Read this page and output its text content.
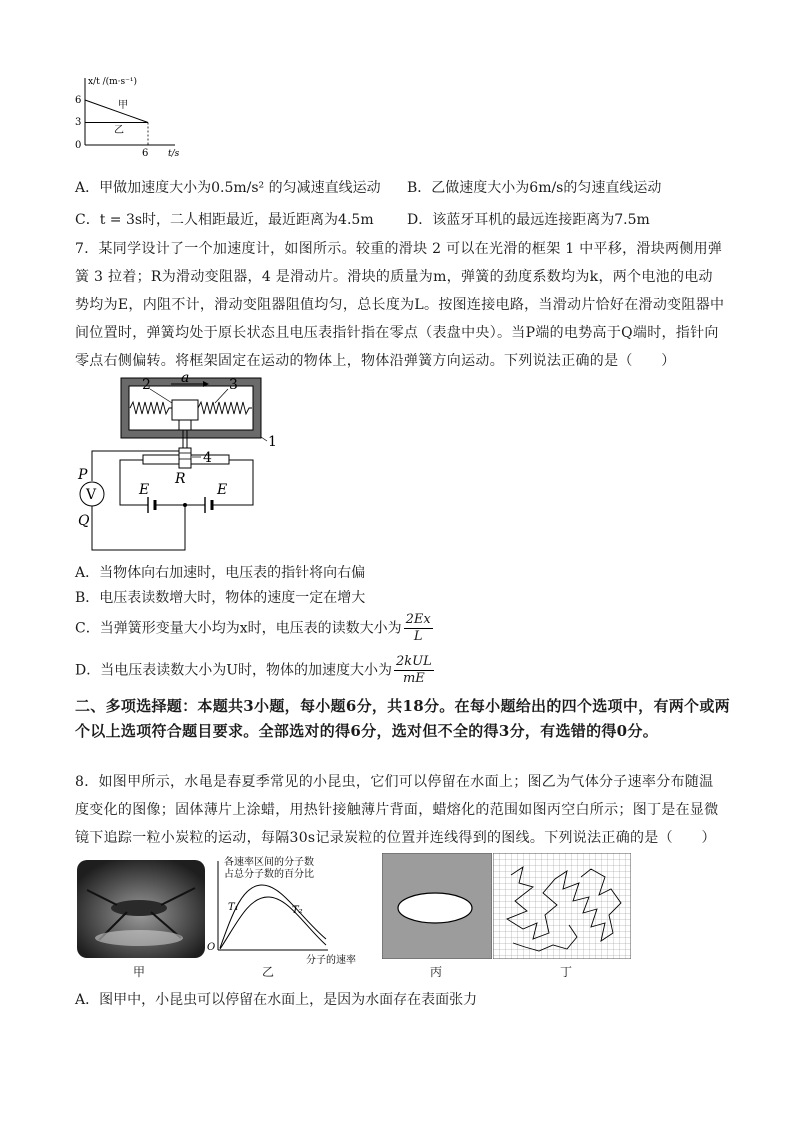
x/t /(m·s⁻¹)
6
3
0
6 t/s
甲
乙
A．甲做加速度大小为0.5m/s² 的匀减速直线运动 B．乙做速度大小为6m/s的匀速直线运动
C．t = 3s时，二人相距最近，最近距离为4.5m D．该蓝牙耳机的最远连接距离为7.5m
7．某同学设计了一个加速度计，如图所示。较重的滑块 2 可以在光滑的框架 1 中平移，滑块两侧用弹簧 3 拉着；R为滑动变阻器，4 是滑动片。滑块的质量为m，弹簧的劲度系数均为k，两个电池的电动势均为E，内阻不计，滑动变阻器阻值均匀，总长度为L。按图连接电路，当滑动片恰好在滑动变阻器中间位置时，弹簧均处于原长状态且电压表指针指在零点（表盘中央）。当P端的电势高于Q端时，指针向零点右侧偏转。将框架固定在运动的物体上，物体沿弹簧方向运动。下列说法正确的是（　　）
a
2	3
1
4
R
V
P
Q
E	E
A．当物体向右加速时，电压表的指针将向右偏
B．电压表读数增大时，物体的速度一定在增大
C．当弹簧形变量大小均为x时，电压表的读数大小为 $\frac{2Ex}{L}$
D．当电压表读数大小为U时，物体的加速度大小为 $\frac{\text{2kUL}}{mE}$
二、多项选择题：本题共3小题，每小题6分，共18分。在每小题给出的四个选项中，有两个或两个以上选项符合题目要求。全部选对的得6分，选对但不全的得3分，有选错的得0分。
8．如图甲所示，水黾是春夏季常见的小昆虫，它们可以停留在水面上；图乙为气体分子速率分布随温度变化的图像；固体薄片上涂蜡，用热针接触薄片背面，蜡熔化的范围如图丙空白所示；图丁是在显微镜下追踪一粒小炭粒的运动，每隔30s记录炭粒的位置并连线得到的图线。下列说法正确的是（　　）
甲
各速率区间的分子数
占总分子数的百分比
O
分子的速率
T₁	T₂
乙	丙	丁
A．图甲中，小昆虫可以停留在水面上，是因为水面存在表面张力
